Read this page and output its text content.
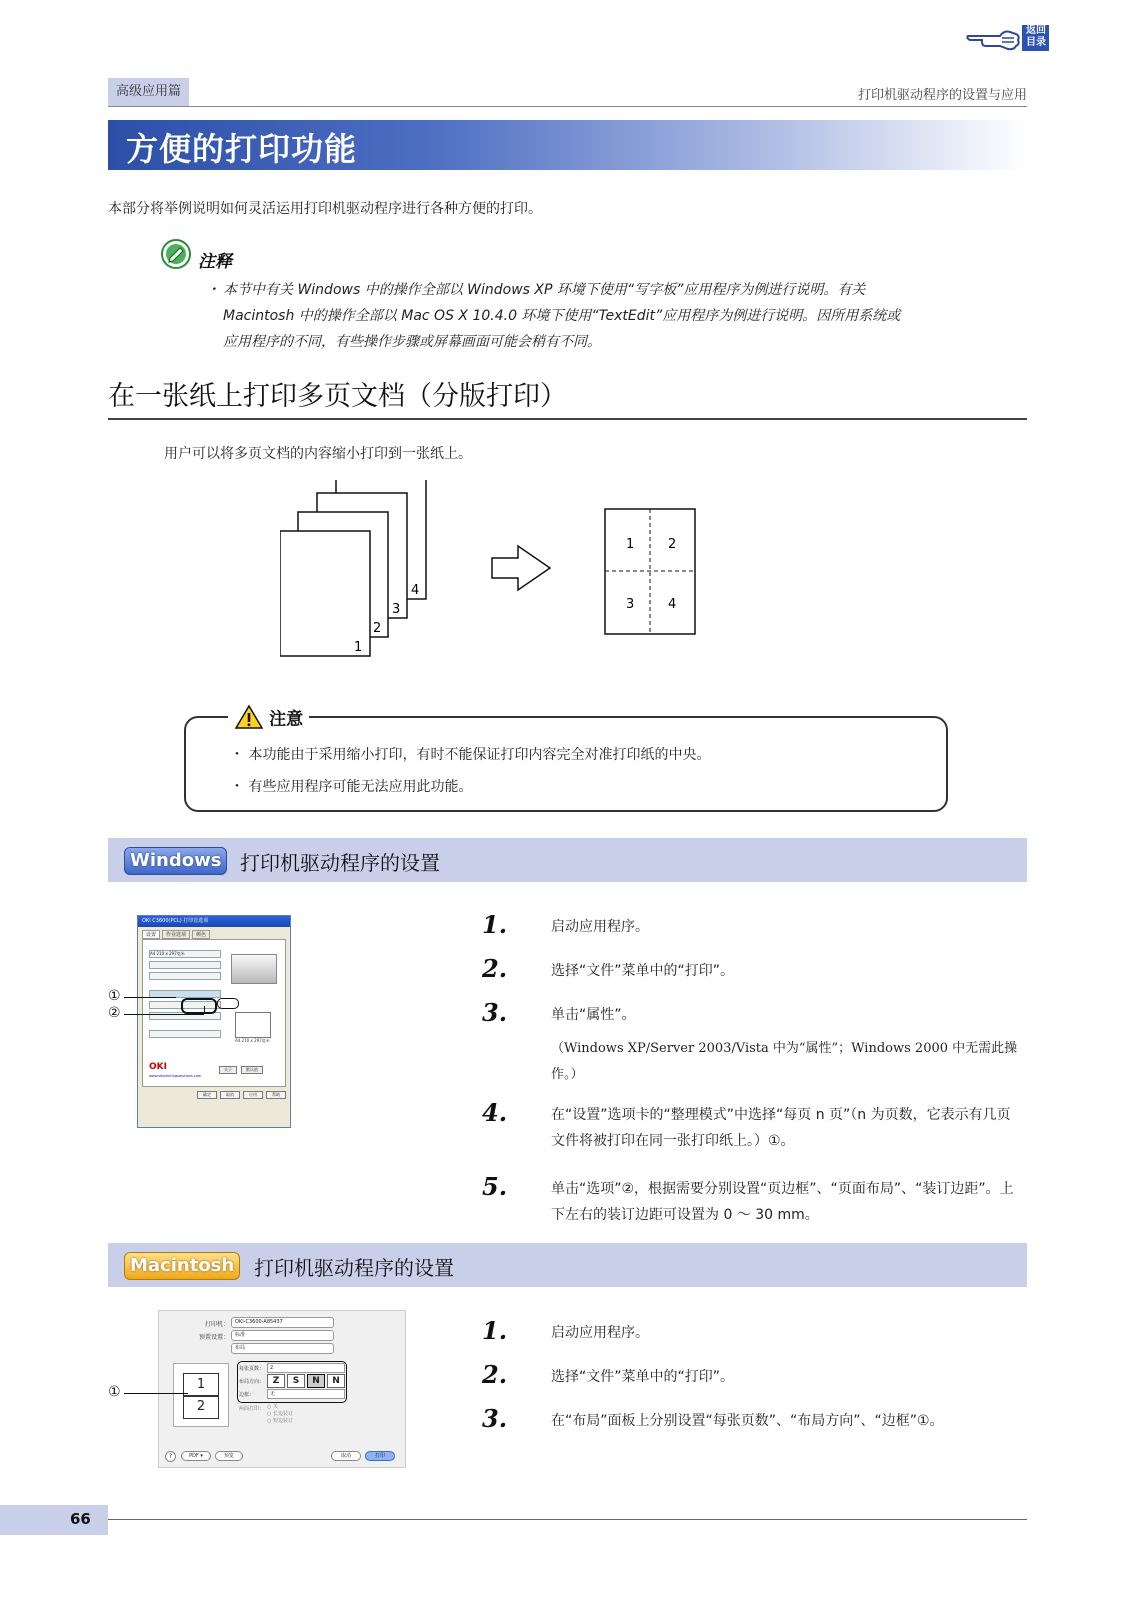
返回
目录
高级应用篇	打印机驱动程序的设置与应用
方便的打印功能
本部分将举例说明如何灵活运用打印机驱动程序进行各种方便的打印。
注释
・ 本节中有关 Windows 中的操作全部以 Windows XP 环境下使用“写字板”应用程序为例进行说明。有关
Macintosh 中的操作全部以 Mac OS X 10.4.0 环境下使用“TextEdit”应用程序为例进行说明。因所用系统或
应用程序的不同，有些操作步骤或屏幕画面可能会稍有不同。
在一张纸上打印多页文档（分版打印）
用户可以将多页文档的内容缩小打印到一张纸上。
4
3
2
1
1	2
3	4
注意
・ 本功能由于采用缩小打印，有时不能保证打印内容完全对准打印纸的中央。
・ 有些应用程序可能无法应用此功能。
Windows 打印机驱动程序的设置
OKI C3600(PCL) 打印首选项
设置	作业选项	颜色
A4 210 x 297毫米
A4 210 x 297毫米
OKI
www.okiprintingsolutions.com
关于	默认值
确定	取消	应用	帮助
①
②
1.	启动应用程序。
2.	选择“文件”菜单中的“打印”。
3.	单击“属性”。
（Windows XP/Server 2003/Vista 中为“属性”；Windows 2000 中无需此操作。）
4.	在“设置”选项卡的“整理模式”中选择“每页 n 页”（n 为页数，它表示有几页文件将被打印在同一张打印纸上。）①。
5.	单击“选项”②，根据需要分别设置“页边框”、“页面布局”、“装订边距”。上下左右的装订边距可设置为 0 ～ 30 mm。
Macintosh 打印机驱动程序的设置
打印机：	OKI-C3600-A85437
预置设置：	标准
布局
1
2
每张页数：	2
布局方向： Z	S	N	N
边框：	无
两面打印： ○ 关
○ 长边装订
○ 短边装订
?	PDF ▾	预览	取消	打印
①
1.	启动应用程序。
2.	选择“文件”菜单中的“打印”。
3.	在“布局”面板上分别设置“每张页数”、“布局方向”、“边框”①。
66
